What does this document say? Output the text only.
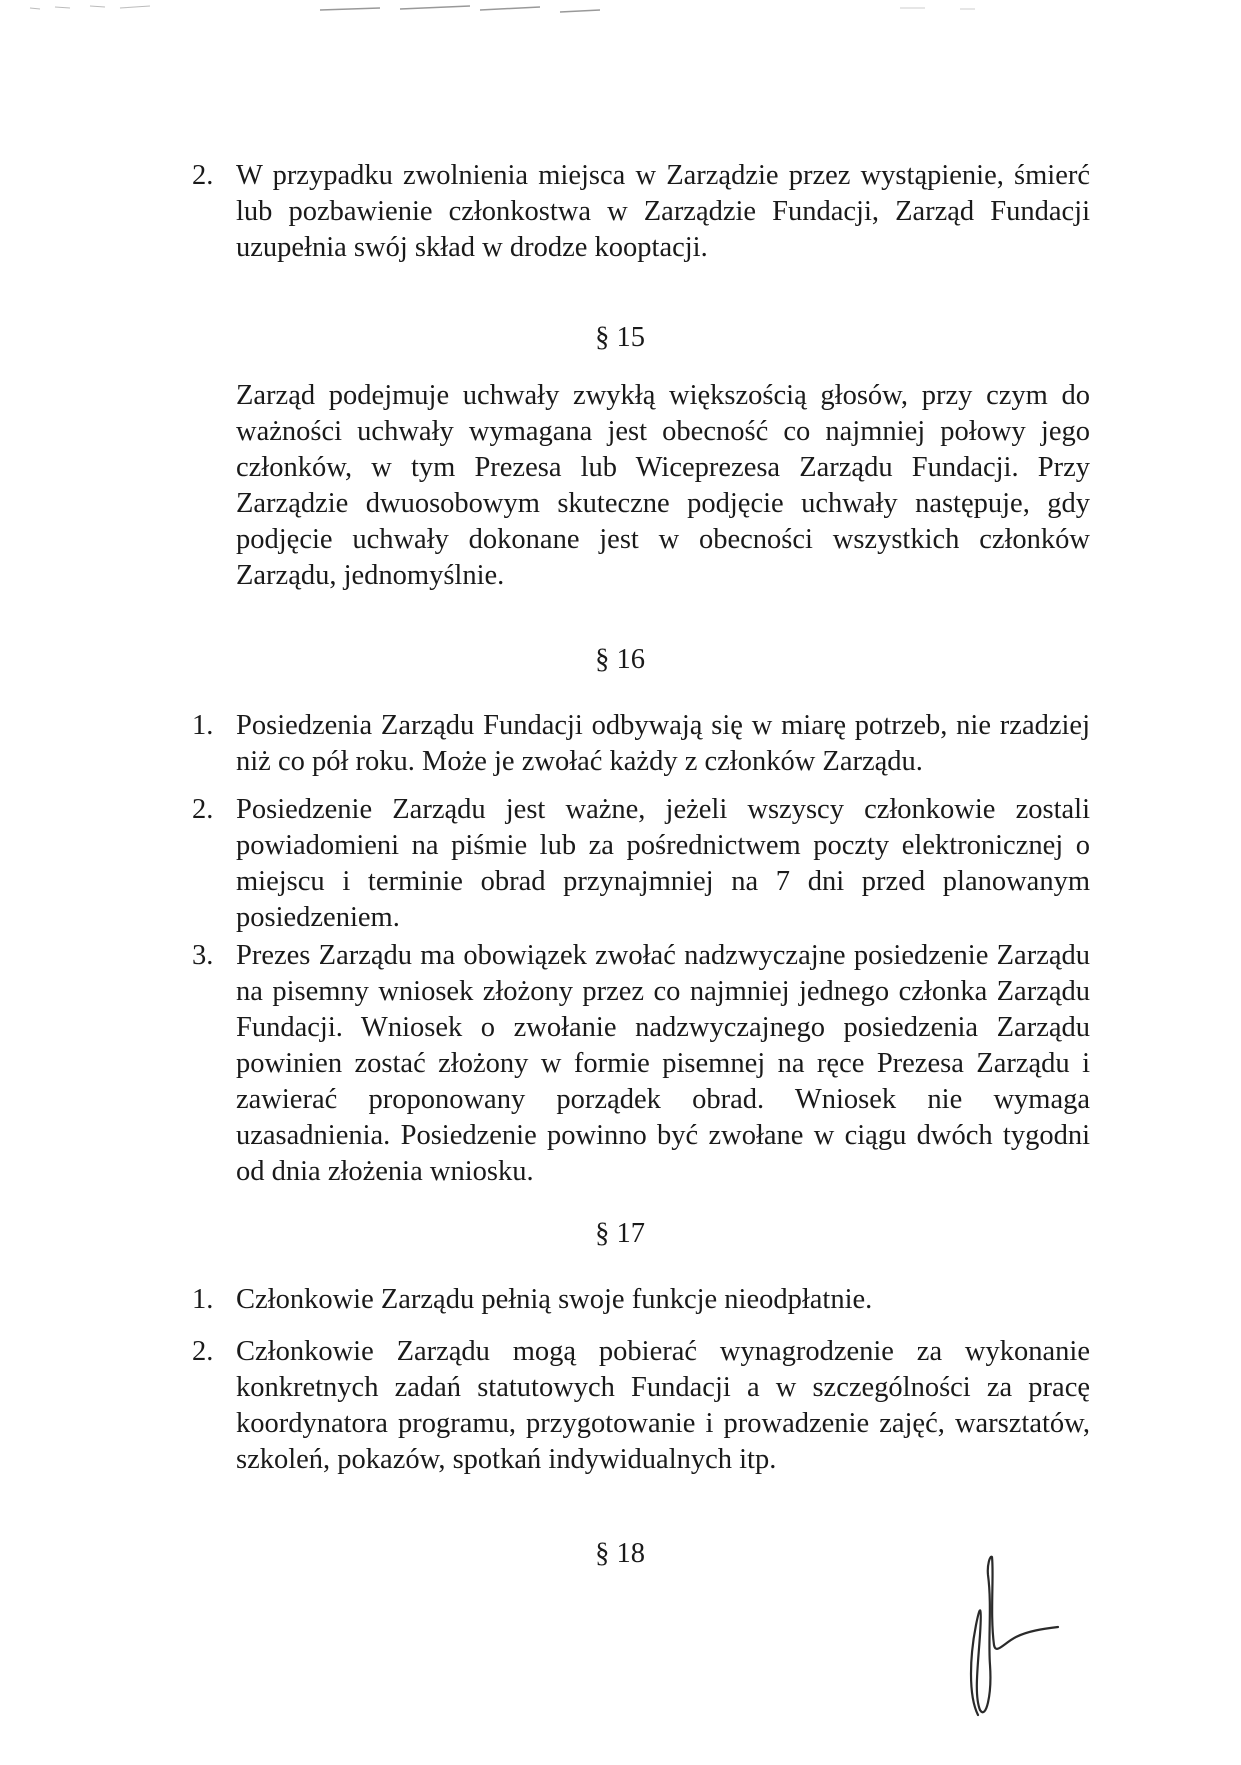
2. W przypadku zwolnienia miejsca w Zarządzie przez wystąpienie, śmierć lub pozbawienie członkostwa w Zarządzie Fundacji, Zarząd Fundacji uzupełnia swój skład w drodze kooptacji.
§ 15
Zarząd podejmuje uchwały zwykłą większością głosów, przy czym do ważności uchwały wymagana jest obecność co najmniej połowy jego członków, w tym Prezesa lub Wiceprezesa Zarządu Fundacji. Przy Zarządzie dwuosobowym skuteczne podjęcie uchwały następuje, gdy podjęcie uchwały dokonane jest w obecności wszystkich członków Zarządu, jednomyślnie.
§ 16
1. Posiedzenia Zarządu Fundacji odbywają się w miarę potrzeb, nie rzadziej niż co pół roku. Może je zwołać każdy z członków Zarządu.
2. Posiedzenie Zarządu jest ważne, jeżeli wszyscy członkowie zostali powiadomieni na piśmie lub za pośrednictwem poczty elektronicznej o miejscu i terminie obrad przynajmniej na 7 dni przed planowanym posiedzeniem.
3. Prezes Zarządu ma obowiązek zwołać nadzwyczajne posiedzenie Zarządu na pisemny wniosek złożony przez co najmniej jednego członka Zarządu Fundacji. Wniosek o zwołanie nadzwyczajnego posiedzenia Zarządu powinien zostać złożony w formie pisemnej na ręce Prezesa Zarządu i zawierać proponowany porządek obrad. Wniosek nie wymaga uzasadnienia. Posiedzenie powinno być zwołane w ciągu dwóch tygodni od dnia złożenia wniosku.
§ 17
1. Członkowie Zarządu pełnią swoje funkcje nieodpłatnie.
2. Członkowie Zarządu mogą pobierać wynagrodzenie za wykonanie konkretnych zadań statutowych Fundacji a w szczególności za pracę koordynatora programu, przygotowanie i prowadzenie zajęć, warsztatów, szkoleń, pokazów, spotkań indywidualnych itp.
§ 18
